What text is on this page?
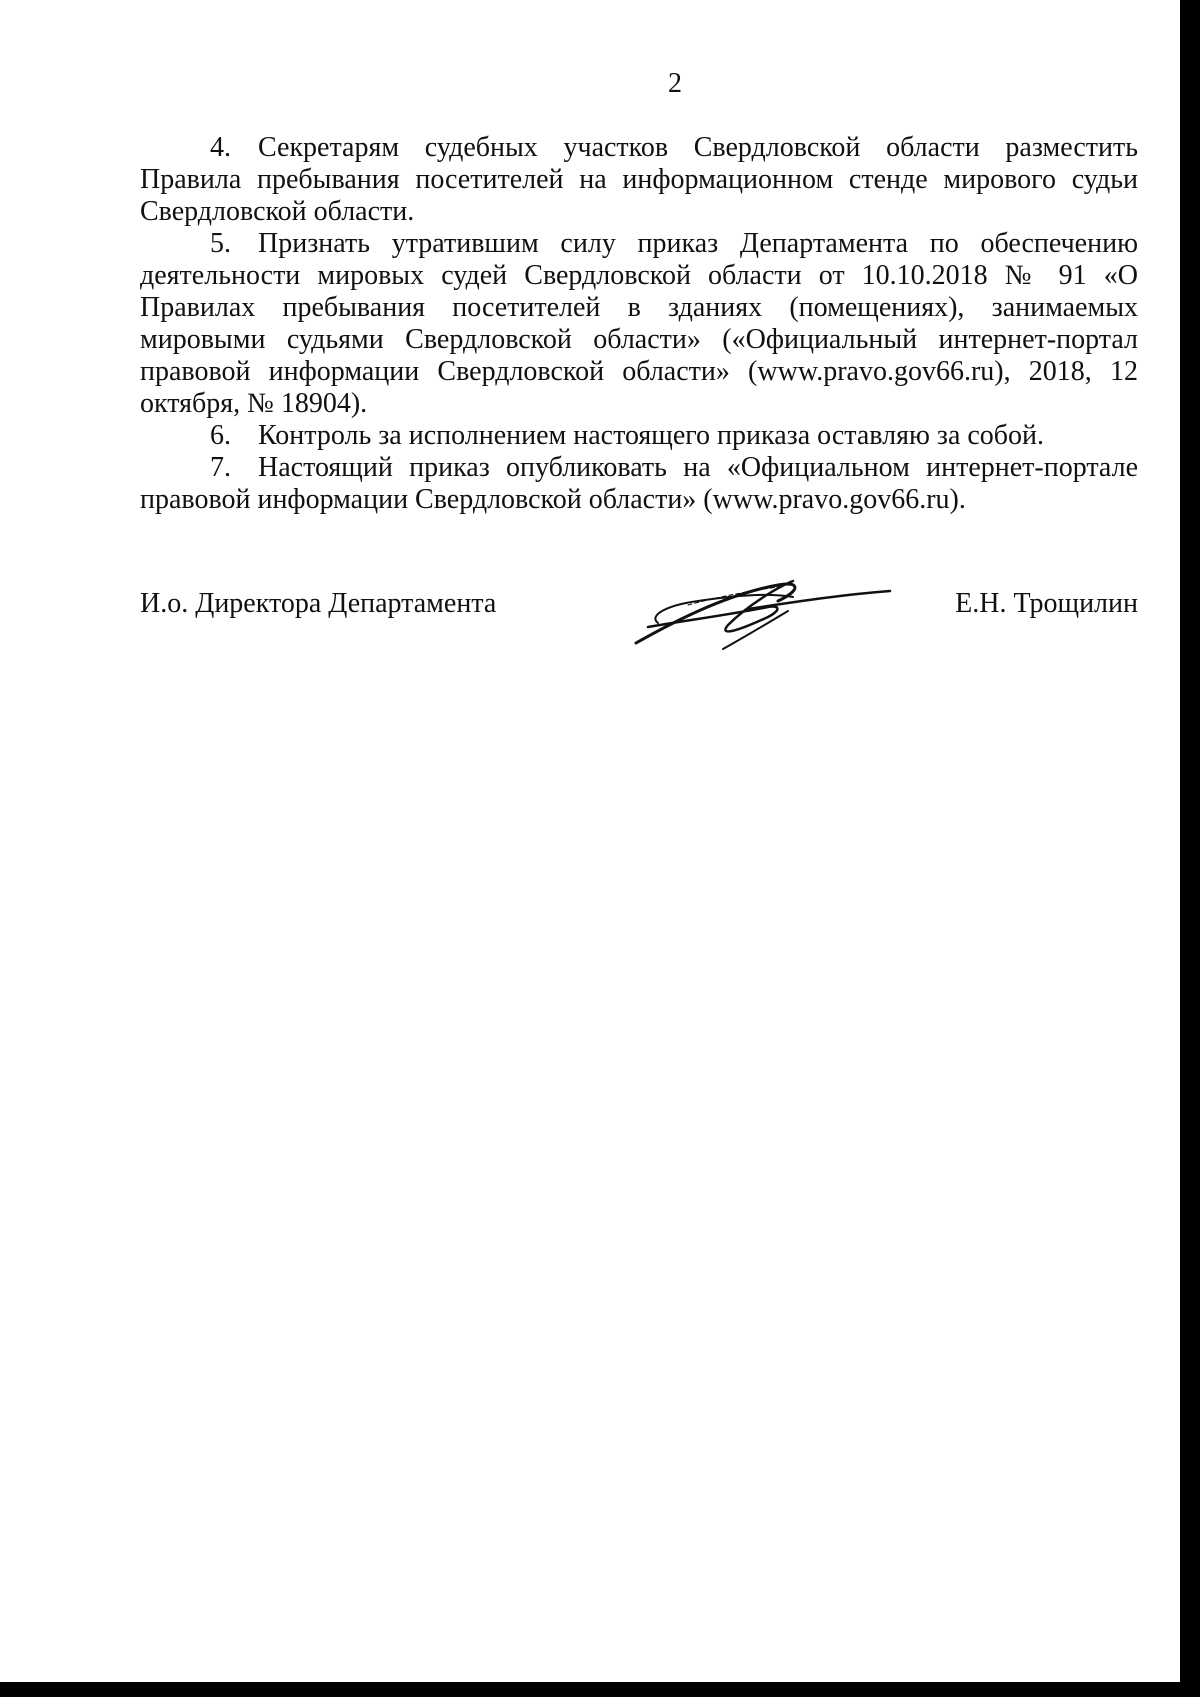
2

4. Секретарям судебных участков Свердловской области разместить Правила пребывания посетителей на информационном стенде мирового судьи Свердловской области.

5. Признать утратившим силу приказ Департамента по обеспечению деятельности мировых судей Свердловской области от 10.10.2018 № 91 «О Правилах пребывания посетителей в зданиях (помещениях), занимаемых мировыми судьями Свердловской области» («Официальный интернет-портал правовой информации Свердловской области» (www.pravo.gov66.ru), 2018, 12 октября, № 18904).

6. Контроль за исполнением настоящего приказа оставляю за собой.

7. Настоящий приказ опубликовать на «Официальном интернет-портале правовой информации Свердловской области» (www.pravo.gov66.ru).

И.о. Директора Департамента	Е.Н. Трощилин
